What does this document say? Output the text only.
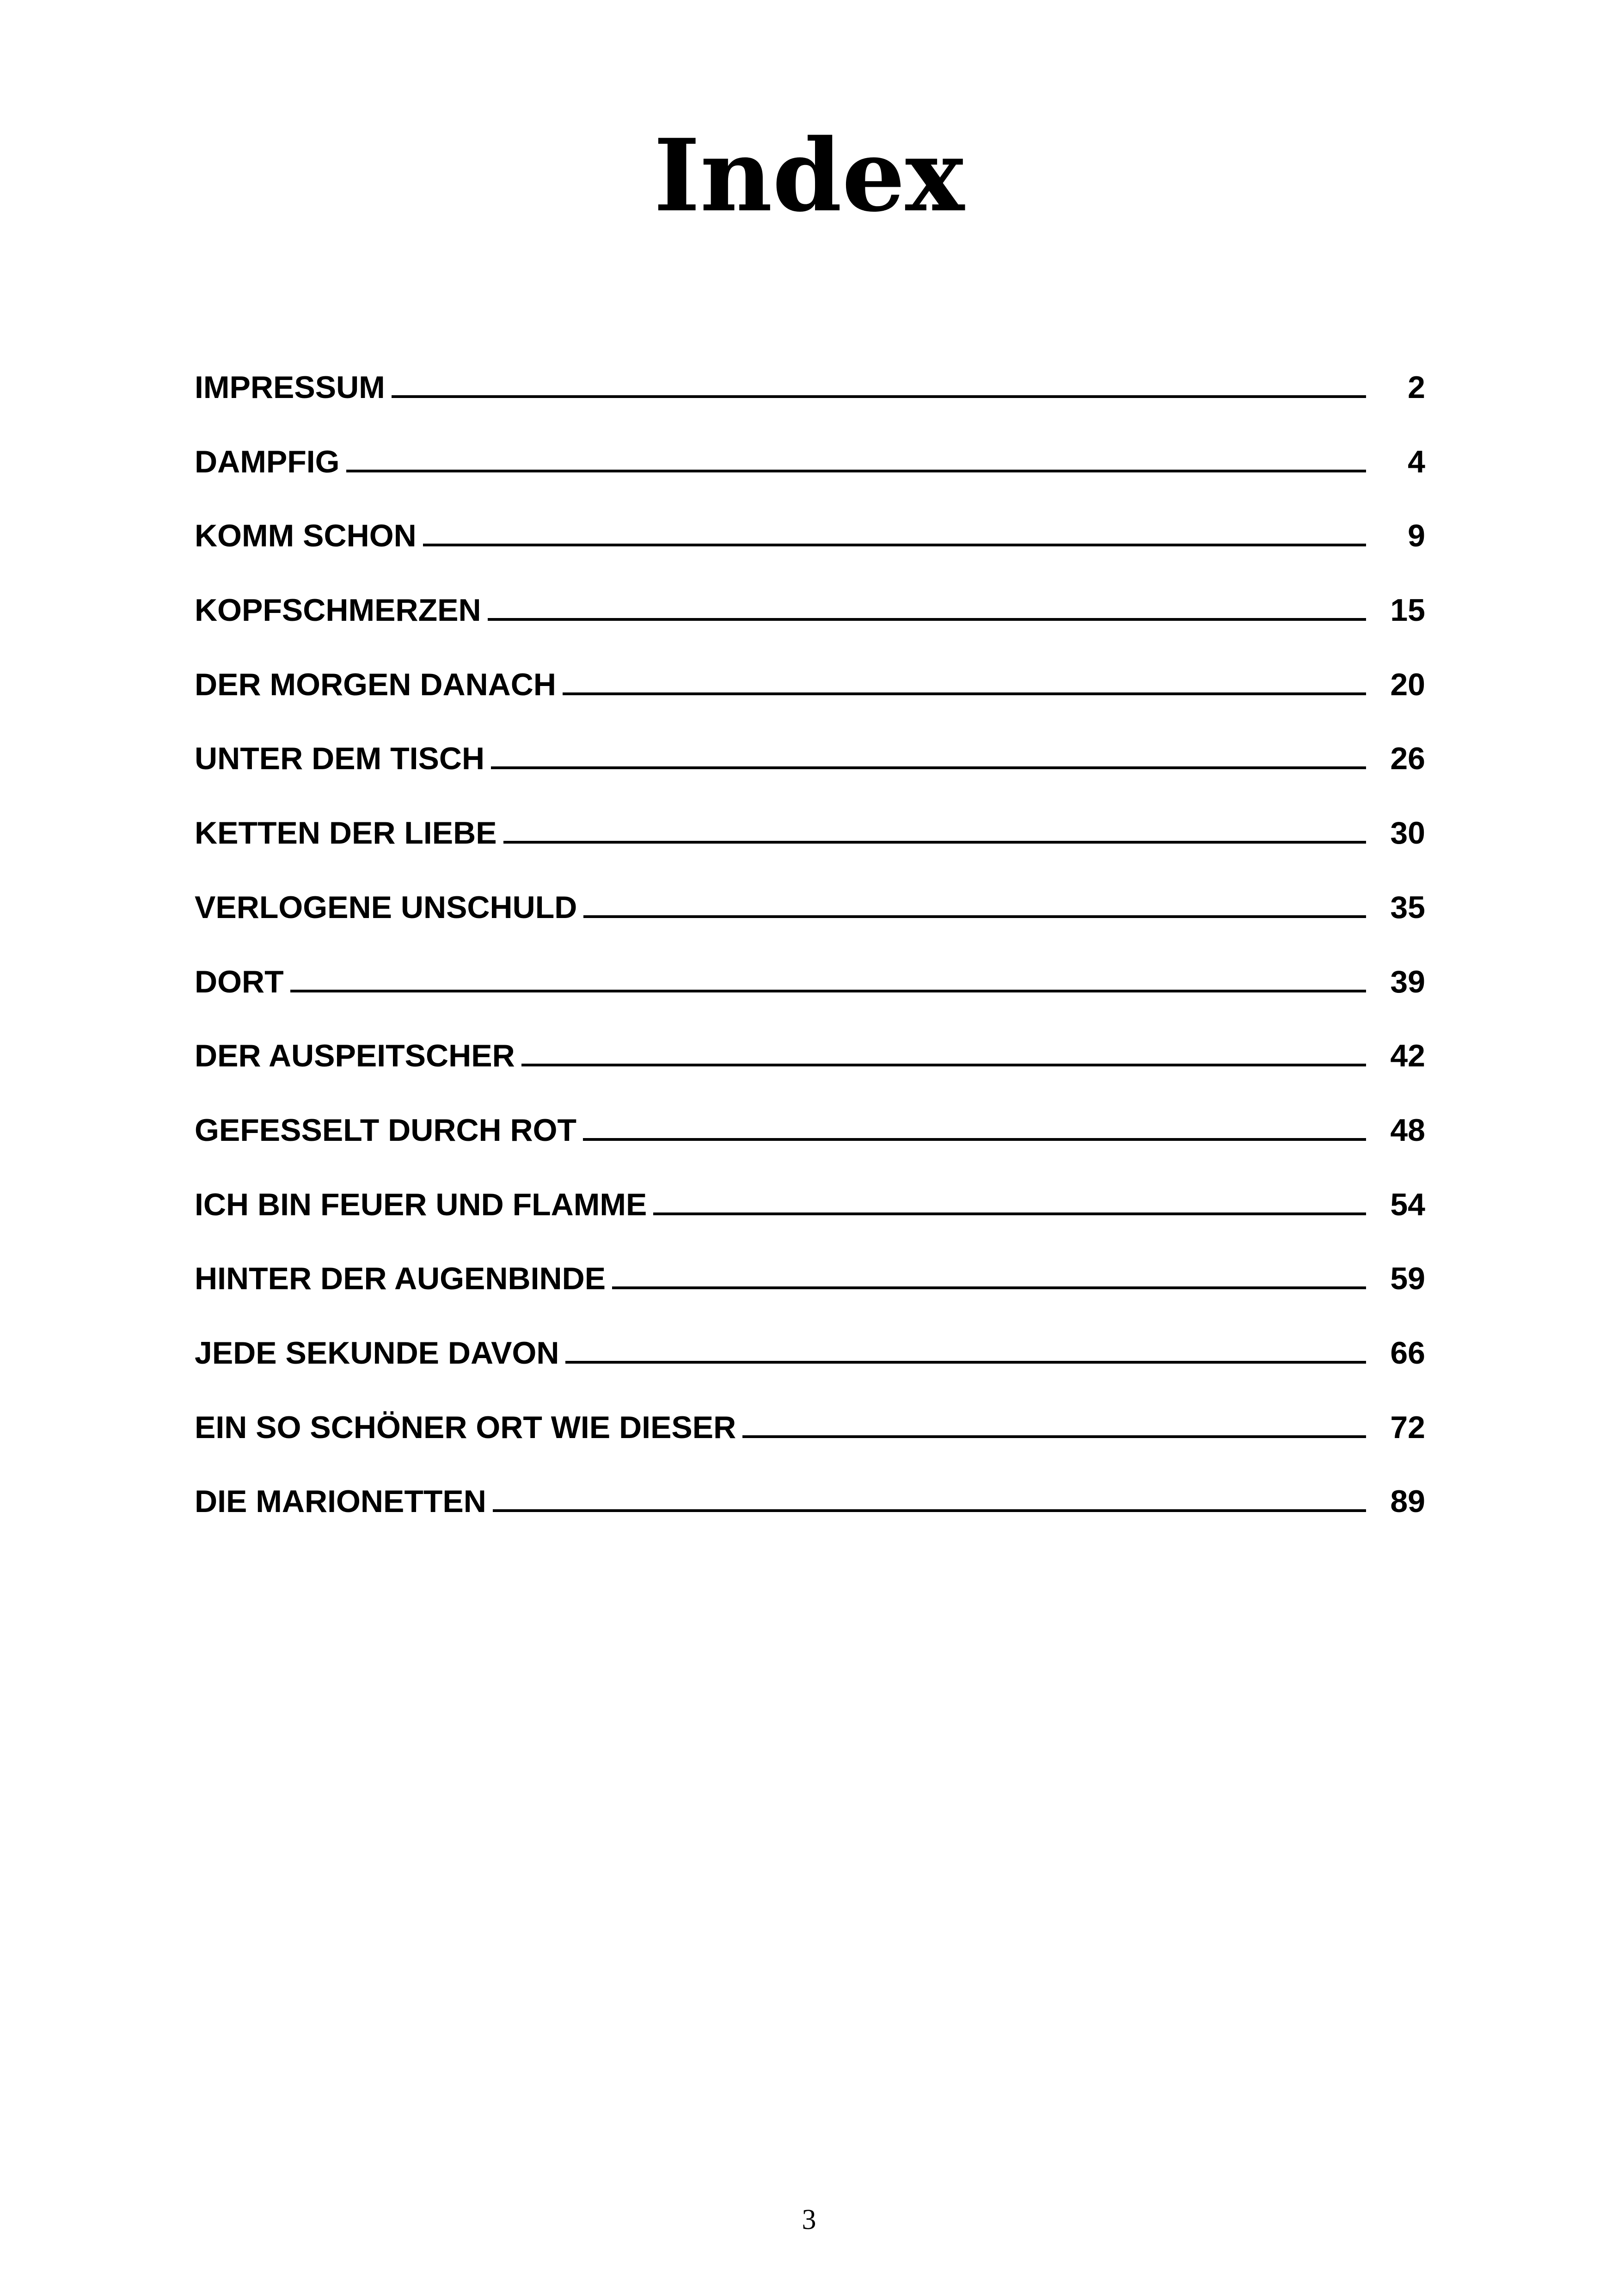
Index
IMPRESSUM	2
DAMPFIG	4
KOMM SCHON	9
KOPFSCHMERZEN	15
DER MORGEN DANACH	20
UNTER DEM TISCH	26
KETTEN DER LIEBE	30
VERLOGENE UNSCHULD	35
DORT	39
DER AUSPEITSCHER	42
GEFESSELT DURCH ROT	48
ICH BIN FEUER UND FLAMME	54
HINTER DER AUGENBINDE	59
JEDE SEKUNDE DAVON	66
EIN SO SCHÖNER ORT WIE DIESER	72
DIE MARIONETTEN	89
3
